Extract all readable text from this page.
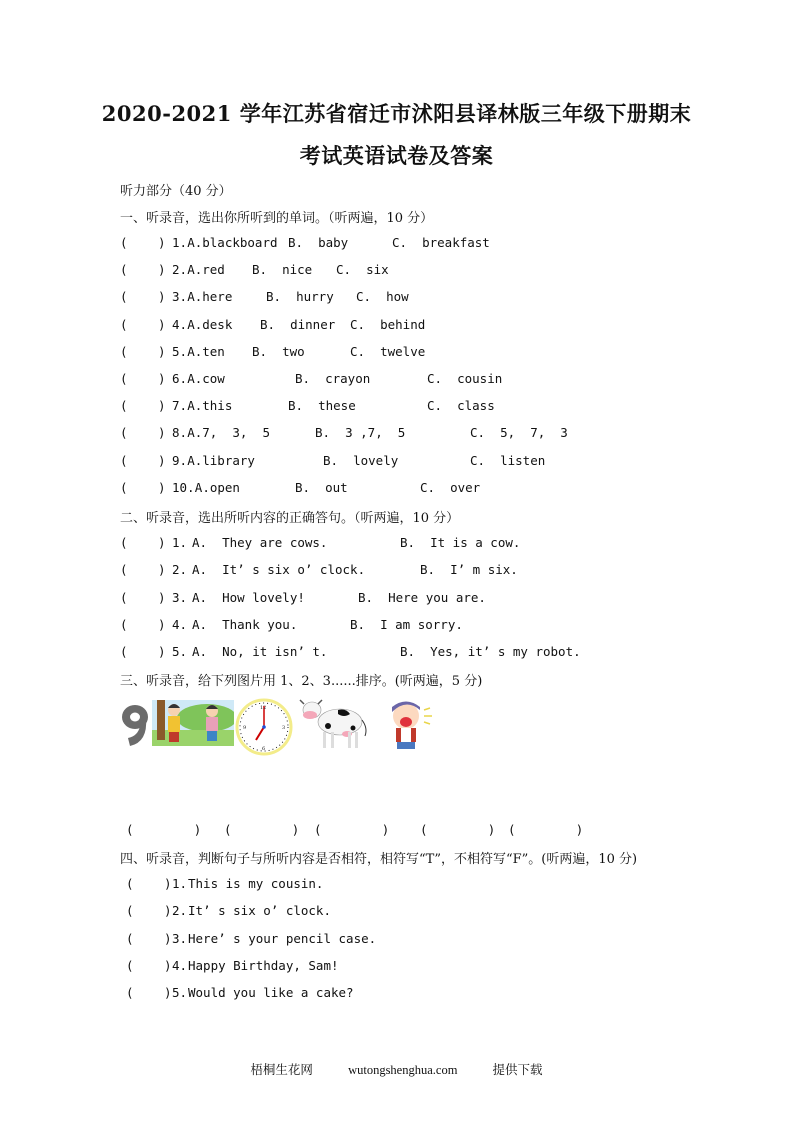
2020-2021 学年江苏省宿迁市沭阳县译林版三年级下册期末
考试英语试卷及答案
听力部分（40 分）
一、听录音，选出你所听到的单词。（听两遍，10 分）
( ) 1. A.blackboard B.  baby	C.  breakfast
( ) 2. A.red B.  nice C.  six
( ) 3. A.here	B.  hurry C.  how
( ) 4. A.desk B.  dinner C.  behind
( ) 5. A.ten B.  two	C.  twelve
( ) 6. A.cow	B.  crayon	C.  cousin
( ) 7. A.this	B.  these	C.  class
( ) 8. A.7,  3,  5	B.  3 ,7,  5	C.  5,  7,  3
( ) 9. A.library	B.  lovely	C.  listen
( ) 10. A.open	B.  out	C.  over
二、听录音，选出所听内容的正确答句。（听两遍，10 分）
( ) 1. A.  They are cows.	B.  It is a cow.
( ) 2. A.  It’ s six o’ clock.	B.  I’ m six.
( ) 3. A.  How lovely!	B.  Here you are.
( ) 4. A.  Thank you.	B.  I am sorry.
( ) 5. A.  No, it isn’ t.	B.  Yes, it’ s my robot.
三、听录音，给下列图片用 1、2、3......排序。(听两遍，5 分)
12
3
6
9
(        ) (        ) (        ) (        ) (        )
四、听录音，判断句子与所听内容是否相符，相符写“T”，不相符写“F”。(听两遍，10 分)
( ) 1. This is my cousin.
( ) 2. It’ s six o’ clock.
( ) 3. Here’ s your pencil case.
( ) 4. Happy Birthday, Sam!
( ) 5. Would you like a cake?
梧桐生花网	wutongshenghua.com	提供下载
